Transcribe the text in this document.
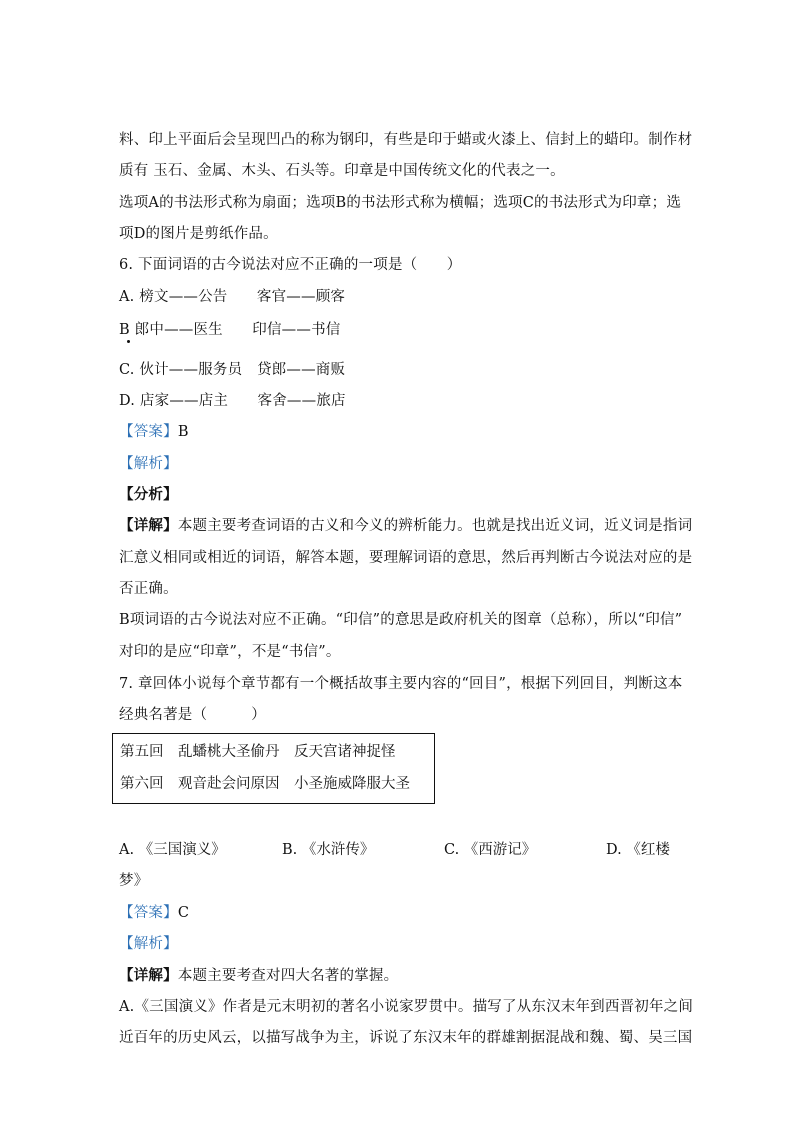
料、印上平面后会呈现凹凸的称为钢印，有些是印于蜡或火漆上、信封上的蜡印。制作材
质有 玉石、金属、木头、石头等。印章是中国传统文化的代表之一。
选项A的书法形式称为扇面；选项B的书法形式称为横幅；选项C的书法形式为印章；选
项D的图片是剪纸作品。
6. 下面词语的古今说法对应不正确的一项是（　　）
A. 榜文——公告　　客官——顾客
B 郎中——医生　　印信——书信
C. 伙计——服务员　贷郎——商贩
D. 店家——店主　　客舍——旅店
【答案】B
【解析】
【分析】
【详解】本题主要考查词语的古义和今义的辨析能力。也就是找出近义词，近义词是指词
汇意义相同或相近的词语，解答本题，要理解词语的意思，然后再判断古今说法对应的是
否正确。
B项词语的古今说法对应不正确。“印信”的意思是政府机关的图章（总称），所以“印信”
对印的是应“印章”，不是“书信”。
7. 章回体小说每个章节都有一个概括故事主要内容的“回目”，根据下列回目，判断这本
经典名著是（　　　）
第五回　乱蟠桃大圣偷丹　反天宫诸神捉怪
第六回　观音赴会问原因　小圣施威降服大圣
A. 《三国演义》	B. 《水浒传》	C. 《西游记》	D. 《红楼
梦》
【答案】C
【解析】
【详解】本题主要考查对四大名著的掌握。
A.《三国演义》作者是元末明初的著名小说家罗贯中。描写了从东汉末年到西晋初年之间
近百年的历史风云，以描写战争为主，诉说了东汉末年的群雄割据混战和魏、蜀、吴三国
